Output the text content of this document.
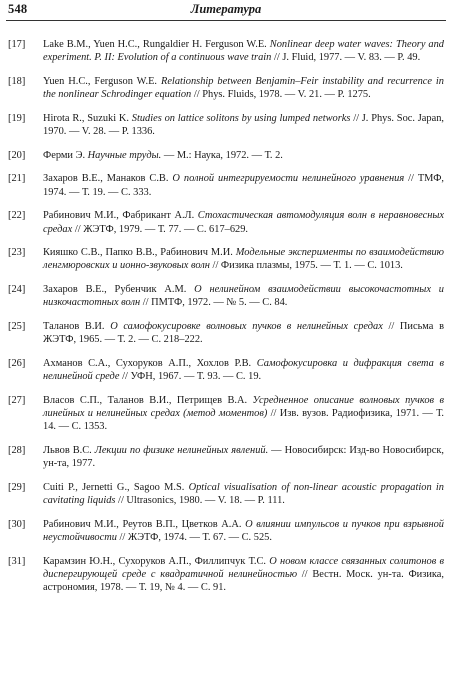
548	Литература
[17] Lake B.M., Yuen H.C., Rungaldier H. Ferguson W.E. Nonlinear deep water waves: Theory and experiment. P. II: Evolution of a continuous wave train // J. Fluid, 1977. — V. 83. — P. 49.
[18] Yuen H.C., Ferguson W.E. Relationship between Benjamin–Feir instability and recurrence in the nonlinear Schrodinger equation // Phys. Fluids, 1978. — V. 21. — P. 1275.
[19] Hirota R., Suzuki K. Studies on lattice solitons by using lumped networks // J. Phys. Soc. Japan, 1970. — V. 28. — P. 1336.
[20] Ферми Э. Научные труды. — М.: Наука, 1972. — Т. 2.
[21] Захаров В.Е., Манаков С.В. О полной интегрируемости нелинейного уравнения // ТМФ, 1974. — Т. 19. — С. 333.
[22] Рабинович М.И., Фабрикант А.Л. Стохастическая автомодуляция волн в неравновесных средах // ЖЭТФ, 1979. — Т. 77. — С. 617–629.
[23] Кияшко С.В., Папко В.В., Рабинович М.И. Модельные эксперименты по взаимодействию ленгмюровских и ионно-звуковых волн // Физика плазмы, 1975. — Т. 1. — С. 1013.
[24] Захаров В.Е., Рубенчик А.М. О нелинейном взаимодействии высокочастотных и низкочастотных волн // ПМТФ, 1972. — № 5. — С. 84.
[25] Таланов В.И. О самофокусировке волновых пучков в нелинейных средах // Письма в ЖЭТФ, 1965. — Т. 2. — С. 218–222.
[26] Ахманов С.А., Сухоруков А.П., Хохлов Р.В. Самофокусировка и дифракция света в нелинейной среде // УФН, 1967. — Т. 93. — С. 19.
[27] Власов С.П., Таланов В.И., Петрищев В.А. Усредненное описание волновых пучков в линейных и нелинейных средах (метод моментов) // Изв. вузов. Радиофизика, 1971. — Т. 14. — С. 1353.
[28] Львов В.С. Лекции по физике нелинейных явлений. — Новосибирск: Изд-во Новосибирск, ун-та, 1977.
[29] Cuiti P., Jernetti G., Sagoo M.S. Optical visualisation of non-linear acoustic propagation in cavitating liquids // Ultrasonics, 1980. — V. 18. — P. 111.
[30] Рабинович М.И., Реутов В.П., Цветков А.А. О влиянии импульсов и пучков при взрывной неустойчивости // ЖЭТФ, 1974. — Т. 67. — С. 525.
[31] Карамзин Ю.Н., Сухоруков А.П., Филлипчук Т.С. О новом классе связанных солитонов в диспергирующей среде с квадратичной нелинейностью // Вестн. Моск. ун-та. Физика, астрономия, 1978. — Т. 19, № 4. — С. 91.
